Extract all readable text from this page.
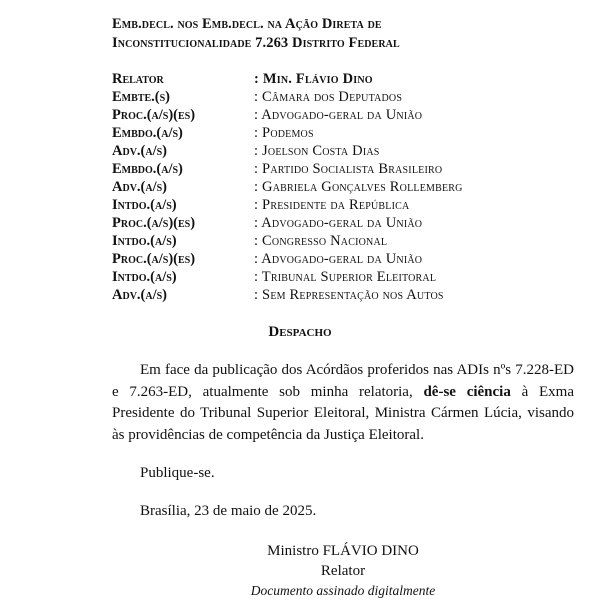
Emb.decl. nos Emb.decl. na Ação Direta de
Inconstitucionalidade 7.263 Distrito Federal
Relator	: Min. Flávio Dino
Embte.(s)	: Câmara dos Deputados
Proc.(a/s)(es)	: Advogado-geral da União
Embdo.(a/s)	: Podemos
Adv.(a/s)	: Joelson Costa Dias
Embdo.(a/s)	: Partido Socialista Brasileiro
Adv.(a/s)	: Gabriela Gonçalves Rollemberg
Intdo.(a/s)	: Presidente da República
Proc.(a/s)(es)	: Advogado-geral da União
Intdo.(a/s)	: Congresso Nacional
Proc.(a/s)(es)	: Advogado-geral da União
Intdo.(a/s)	: Tribunal Superior Eleitoral
Adv.(a/s)	: Sem Representação nos Autos
Despacho
Em face da publicação dos Acórdãos proferidos nas ADIs nºs 7.228-ED e 7.263-ED, atualmente sob minha relatoria, dê-se ciência à Exma Presidente do Tribunal Superior Eleitoral, Ministra Cármen Lúcia, visando às providências de competência da Justiça Eleitoral.
Publique-se.
Brasília, 23 de maio de 2025.
Ministro FLÁVIO DINO
Relator
Documento assinado digitalmente
